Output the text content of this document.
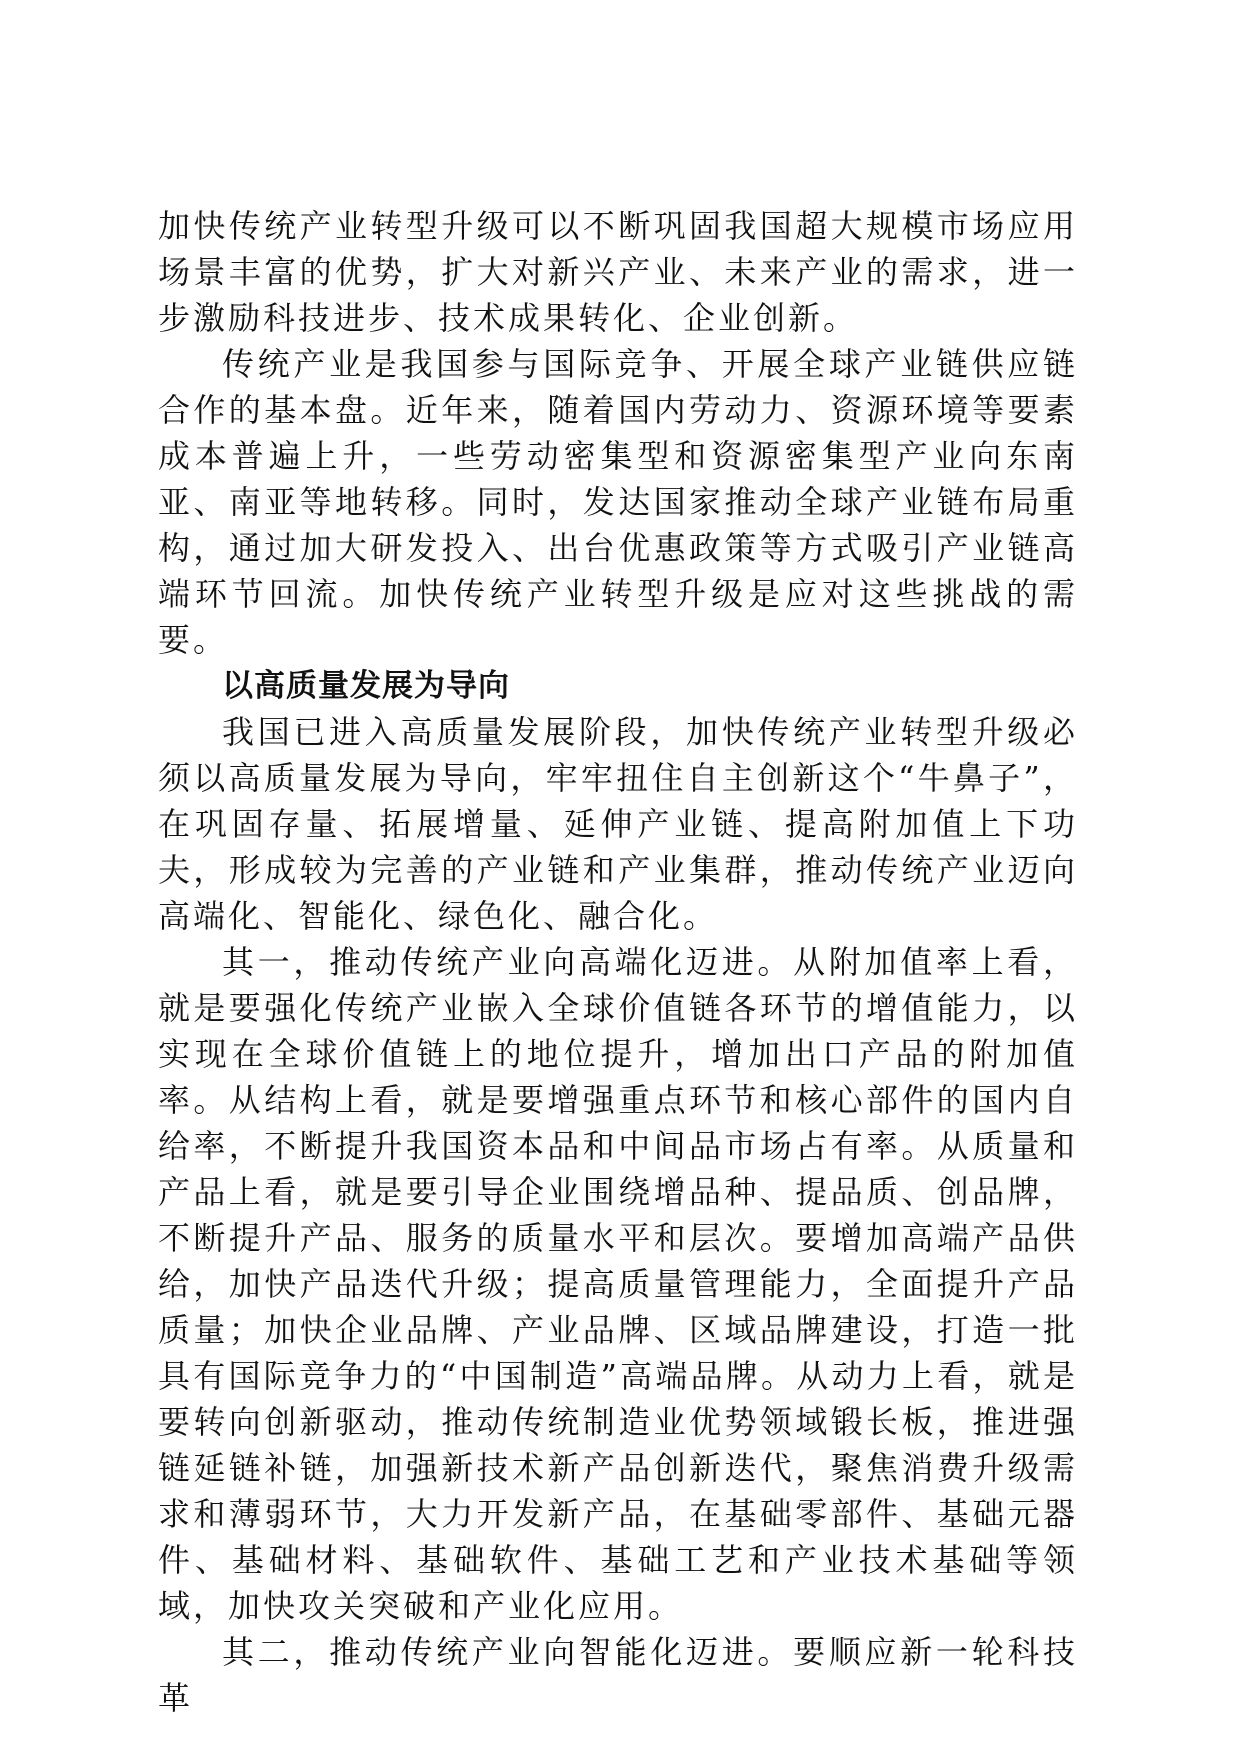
加快传统产业转型升级可以不断巩固我国超大规模市场应用场景丰富的优势，扩大对新兴产业、未来产业的需求，进一步激励科技进步、技术成果转化、企业创新。

传统产业是我国参与国际竞争、开展全球产业链供应链合作的基本盘。近年来，随着国内劳动力、资源环境等要素成本普遍上升，一些劳动密集型和资源密集型产业向东南亚、南亚等地转移。同时，发达国家推动全球产业链布局重构，通过加大研发投入、出台优惠政策等方式吸引产业链高端环节回流。加快传统产业转型升级是应对这些挑战的需要。

以高质量发展为导向

我国已进入高质量发展阶段，加快传统产业转型升级必须以高质量发展为导向，牢牢扭住自主创新这个“牛鼻子”，在巩固存量、拓展增量、延伸产业链、提高附加值上下功夫，形成较为完善的产业链和产业集群，推动传统产业迈向高端化、智能化、绿色化、融合化。

其一，推动传统产业向高端化迈进。从附加值率上看，就是要强化传统产业嵌入全球价值链各环节的增值能力，以实现在全球价值链上的地位提升，增加出口产品的附加值率。从结构上看，就是要增强重点环节和核心部件的国内自给率，不断提升我国资本品和中间品市场占有率。从质量和产品上看，就是要引导企业围绕增品种、提品质、创品牌，不断提升产品、服务的质量水平和层次。要增加高端产品供给，加快产品迭代升级；提高质量管理能力，全面提升产品质量；加快企业品牌、产业品牌、区域品牌建设，打造一批具有国际竞争力的“中国制造”高端品牌。从动力上看，就是要转向创新驱动，推动传统制造业优势领域锻长板，推进强链延链补链，加强新技术新产品创新迭代，聚焦消费升级需求和薄弱环节，大力开发新产品，在基础零部件、基础元器件、基础材料、基础软件、基础工艺和产业技术基础等领域，加快攻关突破和产业化应用。

其二，推动传统产业向智能化迈进。要顺应新一轮科技革
